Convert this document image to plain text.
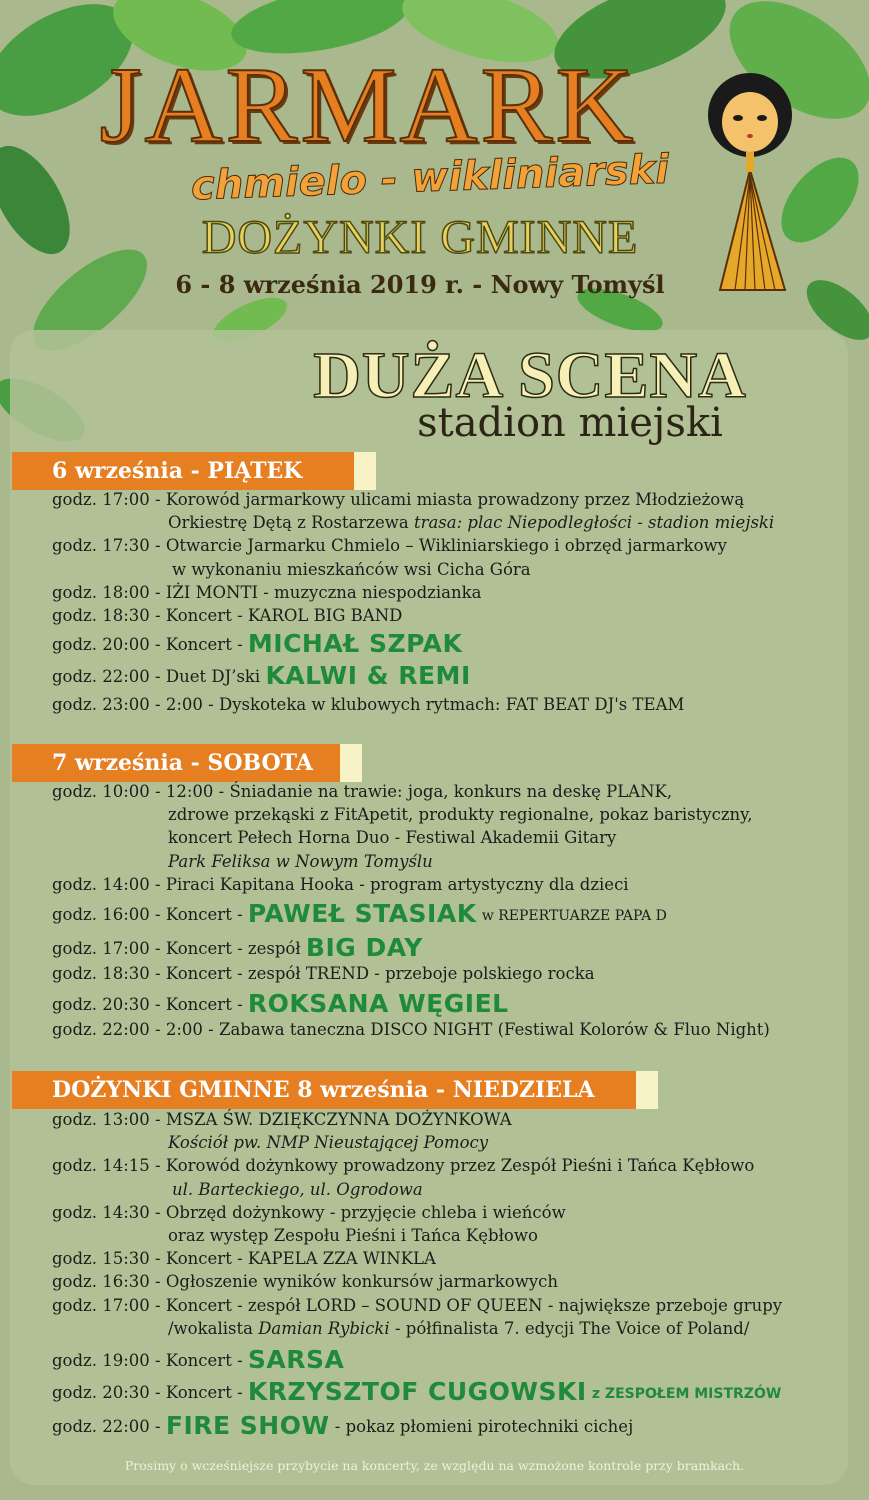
JARMARK
chmielo - wikliniarski
DOŻYNKI GMINNE
6 - 8 września 2019 r. - Nowy Tomyśl
DUŻA SCENA
stadion miejski
6 września - PIĄTEK
godz. 17:00 - Korowód jarmarkowy ulicami miasta prowadzony przez Młodzieżową
Orkiestrę Dętą z Rostarzewa trasa: plac Niepodległości - stadion miejski
godz. 17:30 - Otwarcie Jarmarku Chmielo – Wikliniarskiego i obrzęd jarmarkowy
w wykonaniu mieszkańców wsi Cicha Góra
godz. 18:00 - IŻI MONTI - muzyczna niespodzianka
godz. 18:30 - Koncert - KAROL BIG BAND
godz. 20:00 - Koncert - MICHAŁ SZPAK
godz. 22:00 - Duet DJ’ski KALWI & REMI
godz. 23:00 - 2:00 - Dyskoteka w klubowych rytmach: FAT BEAT DJ's TEAM
7 września - SOBOTA
godz. 10:00 - 12:00 - Śniadanie na trawie: joga, konkurs na deskę PLANK,
zdrowe przekąski z FitApetit, produkty regionalne, pokaz baristyczny,
koncert Pełech Horna Duo - Festiwal Akademii Gitary
Park Feliksa w Nowym Tomyślu
godz. 14:00 - Piraci Kapitana Hooka - program artystyczny dla dzieci
godz. 16:00 - Koncert - PAWEŁ STASIAK w REPERTUARZE PAPA D
godz. 17:00 - Koncert - zespół BIG DAY
godz. 18:30 - Koncert - zespół TREND - przeboje polskiego rocka
godz. 20:30 - Koncert - ROKSANA WĘGIEL
godz. 22:00 - 2:00 - Zabawa taneczna DISCO NIGHT (Festiwal Kolorów & Fluo Night)
DOŻYNKI GMINNE 8 września - NIEDZIELA
godz. 13:00 - MSZA ŚW. DZIĘKCZYNNA DOŻYNKOWA
Kościół pw. NMP Nieustającej Pomocy
godz. 14:15 - Korowód dożynkowy prowadzony przez Zespół Pieśni i Tańca Kębłowo
ul. Barteckiego, ul. Ogrodowa
godz. 14:30 - Obrzęd dożynkowy - przyjęcie chleba i wieńców
oraz występ Zespołu Pieśni i Tańca Kębłowo
godz. 15:30 - Koncert - KAPELA ZZA WINKLA
godz. 16:30 - Ogłoszenie wyników konkursów jarmarkowych
godz. 17:00 - Koncert - zespół LORD – SOUND OF QUEEN - największe przeboje grupy
/wokalista Damian Rybicki - półfinalista 7. edycji The Voice of Poland/
godz. 19:00 - Koncert - SARSA
godz. 20:30 - Koncert - KRZYSZTOF CUGOWSKI z ZESPOŁEM MISTRZÓW
godz. 22:00 - FIRE SHOW - pokaz płomieni pirotechniki cichej
Prosimy o wcześniejsze przybycie na koncerty, ze względu na wzmożone kontrole przy bramkach.
